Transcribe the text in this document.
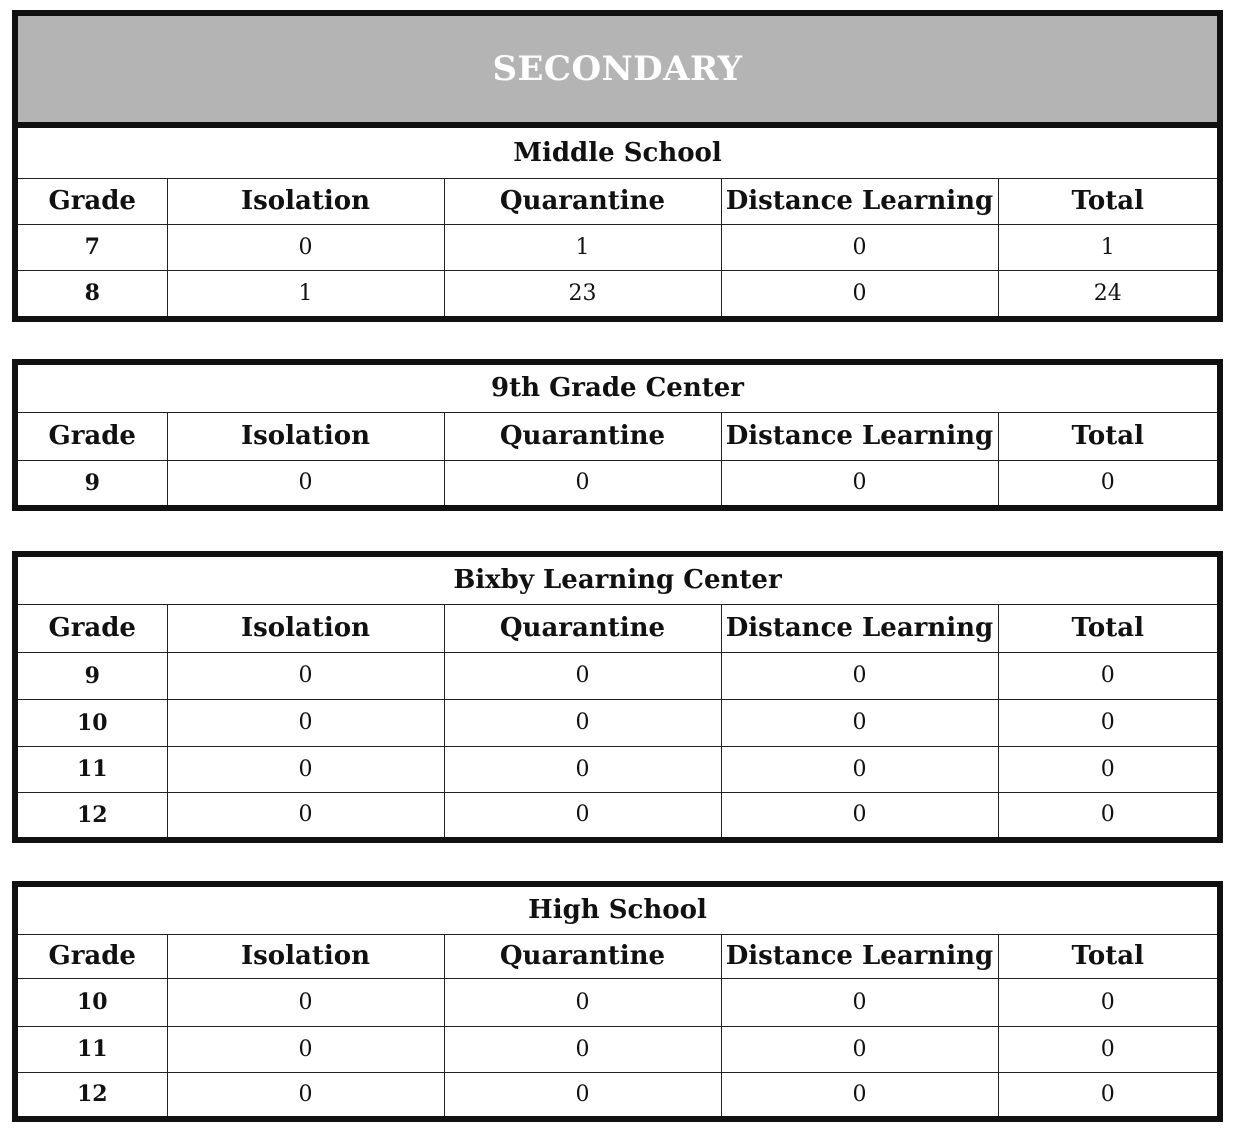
SECONDARY
Middle School				
Grade	Isolation	Quarantine	Distance Learning	Total
7	0	1	0	1
8	1	23	0	24
9th Grade Center				
Grade	Isolation	Quarantine	Distance Learning	Total
9	0	0	0	0
Bixby Learning Center				
Grade	Isolation	Quarantine	Distance Learning	Total
9	0	0	0	0
10	0	0	0	0
11	0	0	0	0
12	0	0	0	0
High School				
Grade	Isolation	Quarantine	Distance Learning	Total
10	0	0	0	0
11	0	0	0	0
12	0	0	0	0
